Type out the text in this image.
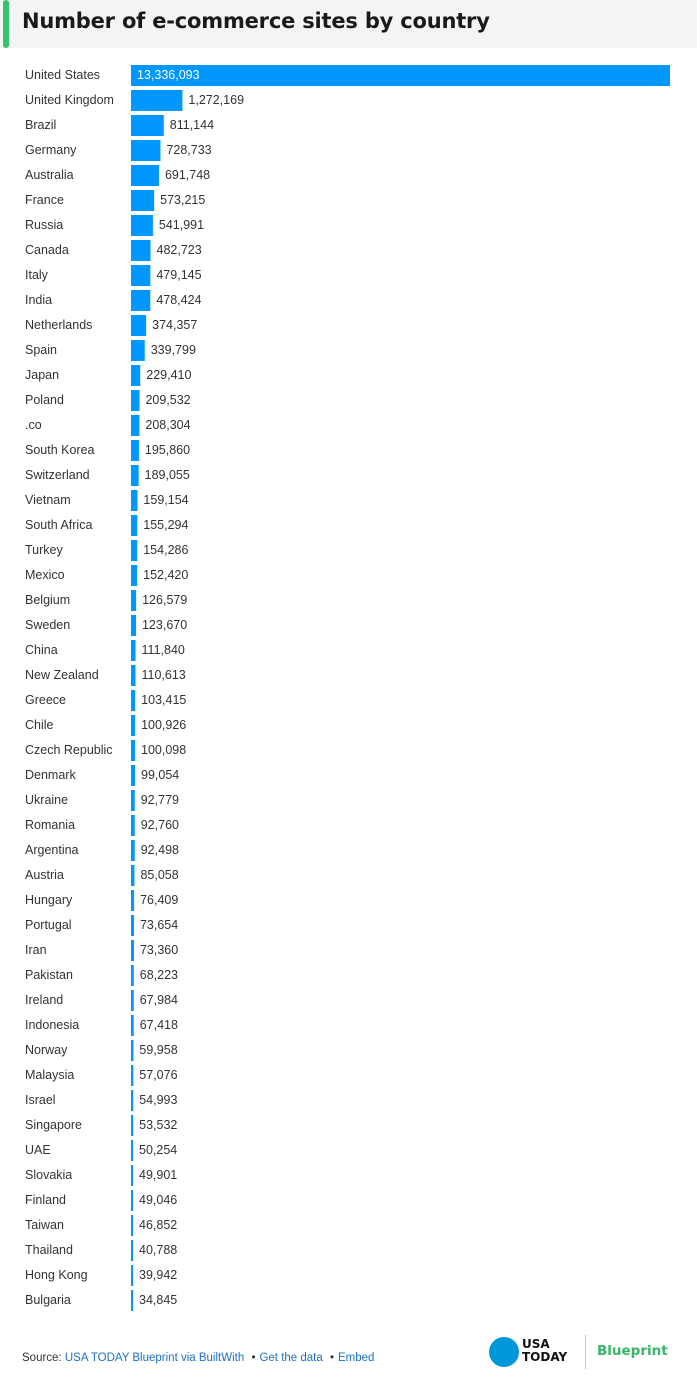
Number of e-commerce sites by country
United States	13,336,093
United Kingdom	1,272,169
Brazil	811,144
Germany	728,733
Australia	691,748
France	573,215
Russia	541,991
Canada	482,723
Italy	479,145
India	478,424
Netherlands	374,357
Spain	339,799
Japan	229,410
Poland	209,532
.co	208,304
South Korea	195,860
Switzerland	189,055
Vietnam	159,154
South Africa	155,294
Turkey	154,286
Mexico	152,420
Belgium	126,579
Sweden	123,670
China	111,840
New Zealand	110,613
Greece	103,415
Chile	100,926
Czech Republic 100,098
Denmark	99,054
Ukraine	92,779
Romania	92,760
Argentina	92,498
Austria	85,058
Hungary	76,409
Portugal	73,654
Iran	73,360
Pakistan	68,223
Ireland	67,984
Indonesia	67,418
Norway	59,958
Malaysia	57,076
Israel	54,993
Singapore	53,532
UAE	50,254
Slovakia	49,901
Finland	49,046
Taiwan	46,852
Thailand	40,788
Hong Kong	39,942
Bulgaria	34,845
Source: USA TODAY Blueprint via BuiltWith • Get the data • Embed
USA
TODAY Blueprint
